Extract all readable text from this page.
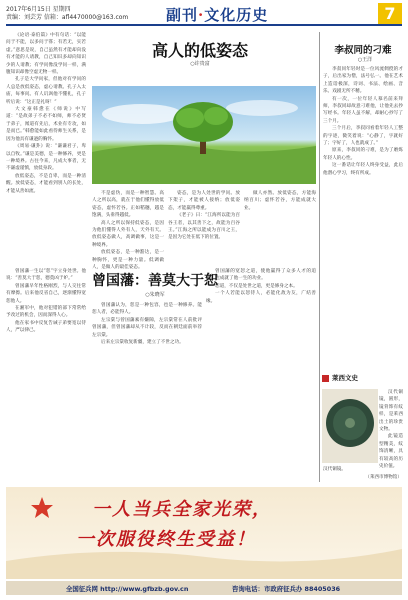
2017年6月15日 星期四
责编：刘芸芳 信箱：afl4470000@163.com	副刊·文化历史	7
高人的低姿态
○许贵富

《论语·泰伯篇》中有句话：“以能问于不能，以多问于寡；有若无，实若虚。”意思是说，自己虽然有才能却向没有才能的人请教，自己知识多却向知识少的人请教；有学问像没学问一样，满腹知识却像空虚无物一样。

孔子是大学问家，但他对有学问的人总是放低姿态，虚心请教。孔子入太庙，每事问。有人讥讽他不懂礼，孔子听后说：“这正是礼呀！”

大文豪韩愈在《师说》中写道：“是故弟子不必不如师，师不必贤于弟子，闻道有先后，术业有专攻，如是而已。”韩愈能如此看待师生关系，是因为他具有谦逊的胸怀。

《周易·谦卦》说：“谦谦君子，卑以自牧。”谦是美德，是一种修养，更是一种境界。古往今来，凡成大事者，无不谦虚谨慎，放低身段。

放低姿态，不是自卑，而是一种清醒。放低姿态，才能看到别人的长处，才能从善如流。	不是虚伪，而是一种智慧。高人之所以高，就在于他们懂得放低姿态，虚怀若谷。正如稻穗，越是饱满，头垂得越低。

高人之所以保持低姿态，是因为他们懂得人外有人，天外有天。放低姿态做人，高调做事，这是一种境界。

放低姿态，是一种豁达，是一种胸怀，更是一种力量。低调做人，是做人的最佳姿态。

姿态，是为人处世的学问。放下架子，才能被人接纳；放低姿态，才能赢得尊重。

《老子》曰：“江海所以能为百谷王者，以其善下之，故能为百谷王。”江海之所以能成为百川之王，是因为它处在低下的位置。

做人亦然。放低姿态，方能海纳百川；虚怀若谷，方能成就大业。

李叔同的刁难
○王洋

李叔同年轻时是一位风流倜傥的才子，后出家为僧，法号弘一。他在艺术上造诣极深，诗词、书法、绘画、音乐、戏剧无所不精。

有一次，一位年轻人慕名前来拜师，李叔同却故意刁难他，让他先去抄写经书。年轻人虽不解，却耐心抄写了三个月。

三个月后，李叔同看着年轻人工整的字迹，微笑着说：“心静了，字就好了；字好了，人也就成了。”

原来，李叔同的刁难，是为了磨炼年轻人的心性。

这一番话让年轻人终身受益，此后他潜心学习，终有所成。

曾国藩：善莫大于恕
○朱晓军

曾国藩一生以“恕”字立身处世。他说：“善莫大于恕，德莫凶于妒。”

曾国藩早年性格刚烈，与人交往常有摩擦。后来他反省自己，逐渐懂得宽恕他人。

在湘军中，他对犯错的部下常常给予改过的机会，因而深得人心。

他在家书中反复告诫子弟要宽以待人，严以律己。

曾国藩认为，恕是一种包容，也是一种修养。能恕人者，必能得人。

左宗棠与曾国藩素有嫌隙，左宗棠常在人前批评曾国藩，但曾国藩却从不计较，反而在朝廷面前举荐左宗棠。

后来左宗棠收复新疆，建立了不世之功。

曾国藩的宽恕之道，使他赢得了众多人才的追随，也成就了他一生的功业。

恕道，不仅是处世之道，更是修身之本。

一个人若能以恕待人，必能化敌为友，广结善缘。

莱西文史
汉代铜镜。

汉代铜镜，圆形，镜背饰有纹样，是莱西出土的珍贵文物。

此镜造型精美，纹饰清晰，具有较高的历史价值。

（莱西市博物馆）
一人当兵全家光荣，
一次服役终生受益！
全国征兵网 http://www.gfbzb.gov.cn	咨询电话：市政府征兵办 88405036
